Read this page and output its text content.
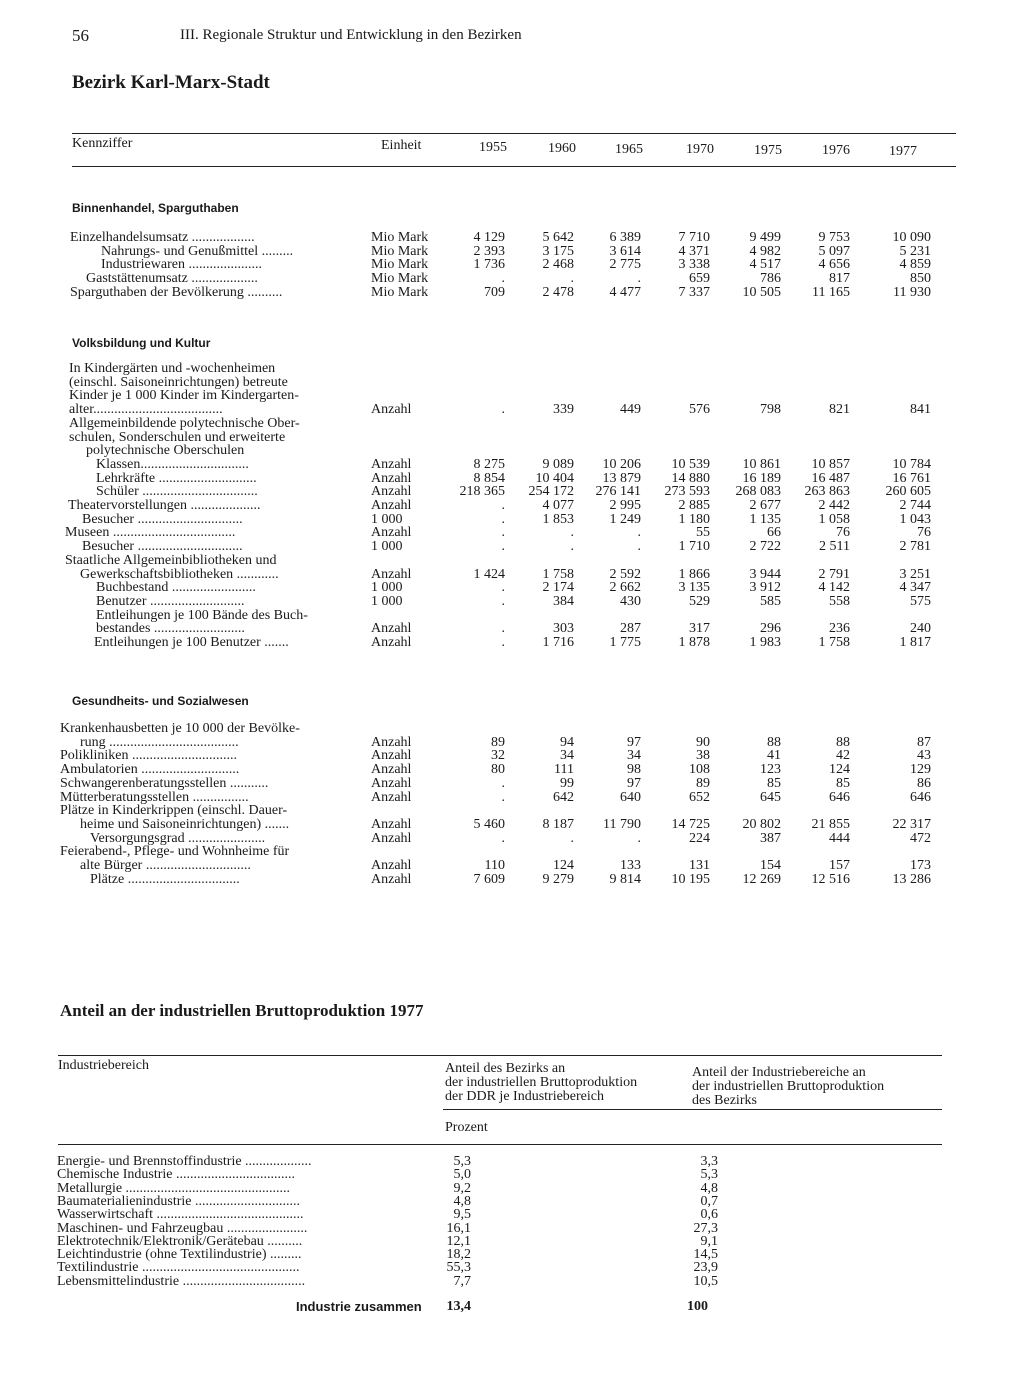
56	III. Regionale Struktur und Entwicklung in den Bezirken
Bezirk Karl-Marx-Stadt
Kennziffer	Einheit	1955	1960	1965	1970	1975	1976	1977
Binnenhandel, Sparguthaben
Einzelhandelsumsatz ..................	Mio Mark	4 129	5 642	6 389	7 710	9 499	9 753	10 090
Nahrungs- und Genußmittel .........	Mio Mark	2 393	3 175	3 614	4 371	4 982	5 097	5 231
Industriewaren .....................	Mio Mark	1 736	2 468	2 775	3 338	4 517	4 656	4 859
Gaststättenumsatz ...................	Mio Mark	.	.	.	659	786	817	850
Sparguthaben der Bevölkerung ..........	Mio Mark	709	2 478	4 477	7 337	10 505	11 165	11 930
Volksbildung und Kultur
In Kindergärten und -wochenheimen
(einschl. Saisoneinrichtungen) betreute
Kinder je 1 000 Kinder im Kindergarten-
alter.....................................	Anzahl	.	339	449	576	798	821	841
Allgemeinbildende polytechnische Ober-
schulen, Sonderschulen und erweiterte
polytechnische Oberschulen
Klassen...............................	Anzahl	8 275	9 089	10 206	10 539	10 861	10 857	10 784
Lehrkräfte ............................	Anzahl	8 854	10 404	13 879	14 880	16 189	16 487	16 761
Schüler .................................	Anzahl	218 365	254 172	276 141	273 593	268 083	263 863	260 605
Theatervorstellungen ....................	Anzahl	.	4 077	2 995	2 885	2 677	2 442	2 744
Besucher ..............................	1 000	.	1 853	1 249	1 180	1 135	1 058	1 043
Museen ...................................	Anzahl	.	.	.	55	66	76	76
Besucher ..............................	1 000	.	.	.	1 710	2 722	2 511	2 781
Staatliche Allgemeinbibliotheken und
Gewerkschaftsbibliotheken ............	Anzahl	1 424	1 758	2 592	1 866	3 944	2 791	3 251
Buchbestand ........................	1 000	.	2 174	2 662	3 135	3 912	4 142	4 347
Benutzer ...........................	1 000	.	384	430	529	585	558	575
Entleihungen je 100 Bände des Buch-
bestandes ..........................	Anzahl	.	303	287	317	296	236	240
Entleihungen je 100 Benutzer .......	Anzahl	.	1 716	1 775	1 878	1 983	1 758	1 817
Gesundheits- und Sozialwesen
Krankenhausbetten je 10 000 der Bevölke-
rung .....................................	Anzahl	89	94	97	90	88	88	87
Polikliniken ..............................	Anzahl	32	34	34	38	41	42	43
Ambulatorien ............................	Anzahl	80	111	98	108	123	124	129
Schwangerenberatungsstellen ...........	Anzahl	.	99	97	89	85	85	86
Mütterberatungsstellen ................	Anzahl	.	642	640	652	645	646	646
Plätze in Kinderkrippen (einschl. Dauer-
heime und Saisoneinrichtungen) .......	Anzahl	5 460	8 187	11 790	14 725	20 802	21 855	22 317
Versorgungsgrad ......................	Anzahl	.	.	.	224	387	444	472
Feierabend-, Pflege- und Wohnheime für
alte Bürger ..............................	Anzahl	110	124	133	131	154	157	173
Plätze ................................	Anzahl	7 609	9 279	9 814	10 195	12 269	12 516	13 286
Anteil an der industriellen Bruttoproduktion 1977
Industriebereich	Anteil des Bezirks an
der industriellen Bruttoproduktion
der DDR je Industriebereich
Anteil der Industriebereiche an
der industriellen Bruttoproduktion
des Bezirks
Prozent
Energie- und Brennstoffindustrie ...................	5,3	3,3
Chemische Industrie ..................................	5,0	5,3
Metallurgie ...............................................	9,2	4,8
Baumaterialienindustrie ..............................	4,8	0,7
Wasserwirtschaft ..........................................	9,5	0,6
Maschinen- und Fahrzeugbau .......................	16,1	27,3
Elektrotechnik/Elektronik/Gerätebau ..........	12,1	9,1
Leichtindustrie (ohne Textilindustrie) .........	18,2	14,5
Textilindustrie .............................................	55,3	23,9
Lebensmittelindustrie ...................................	7,7	10,5
Industrie zusammen	13,4	100
